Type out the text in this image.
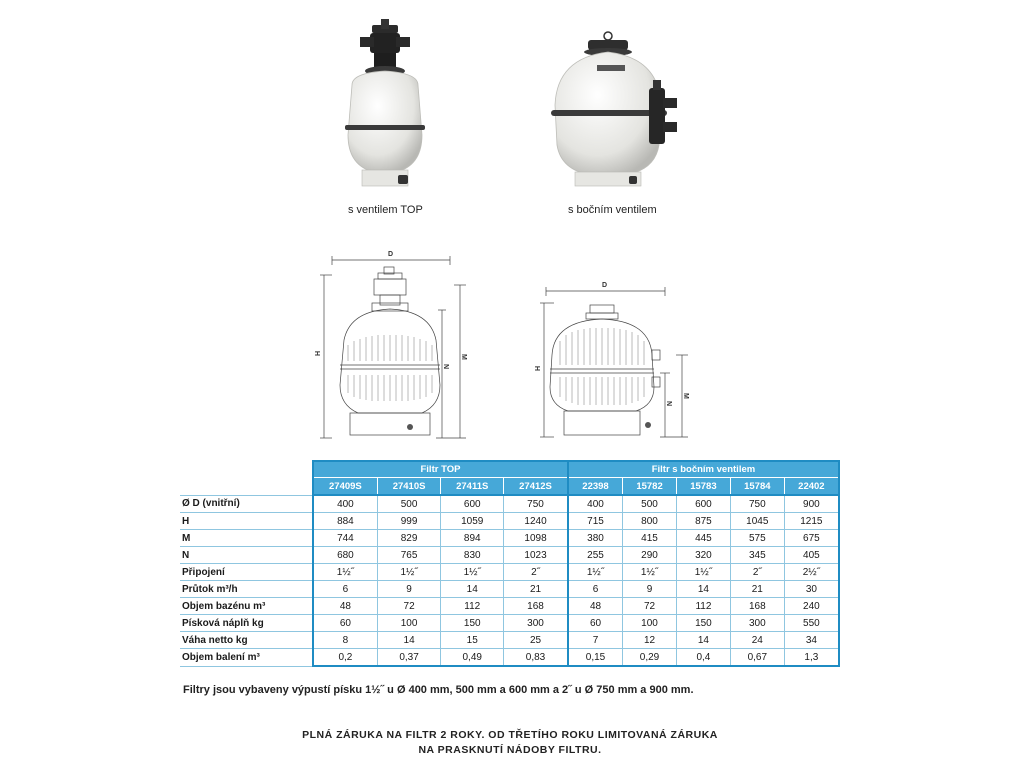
s ventilem TOP	s bočním ventilem
D
H
N
M
D
H
N
M
	Filtr TOP				Filtr s bočním ventilem				
	27409S	27410S	27411S	27412S	22398	15782	15783	15784	22402
Ø D (vnitřní)	400	500	600	750	400	500	600	750	900
H	884	999	1059	1240	715	800	875	1045	1215
M	744	829	894	1098	380	415	445	575	675
N	680	765	830	1023	255	290	320	345	405
Připojení	1½˝	1½˝	1½˝	2˝	1½˝	1½˝	1½˝	2˝	2½˝
Průtok m³/h	6	9	14	21	6	9	14	21	30
Objem bazénu m³	48	72	112	168	48	72	112	168	240
Písková náplň kg	60	100	150	300	60	100	150	300	550
Váha netto kg	8	14	15	25	7	12	14	24	34
Objem balení m³	0,2	0,37	0,49	0,83	0,15	0,29	0,4	0,67	1,3
Filtry jsou vybaveny výpustí písku 1½˝ u Ø 400 mm, 500 mm a 600 mm a 2˝ u Ø 750 mm a 900 mm.
PLNÁ ZÁRUKA NA FILTR 2 ROKY. OD TŘETÍHO ROKU LIMITOVANÁ ZÁRUKA
NA PRASKNUTÍ NÁDOBY FILTRU.
